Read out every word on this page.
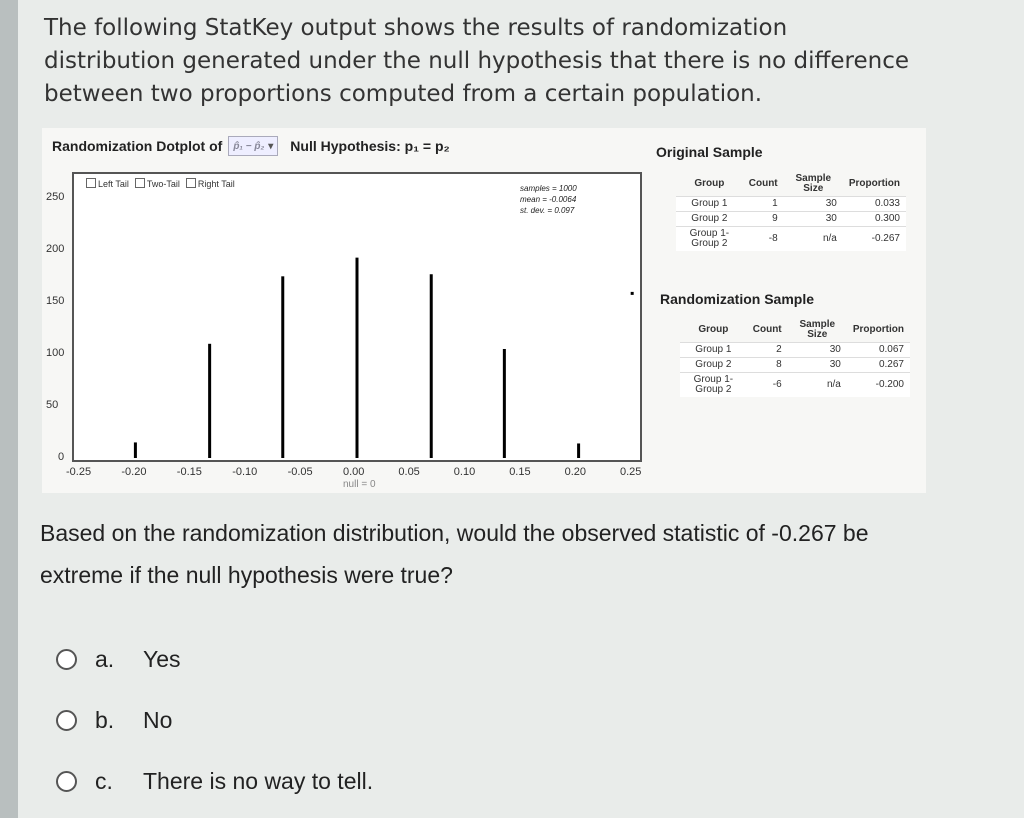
The following StatKey output shows the results of randomization distribution generated under the null hypothesis that there is no difference between two proportions computed from a certain population.
Randomization Dotplot of p̂₁ − p̂₂ ▾ Null Hypothesis: p₁ = p₂
Left Tail	Two-Tail	Right Tail	samples = 1000
mean = -0.0064
st. dev. = 0.097
0
50
100
150
200
250
-0.25	-0.20	-0.15	-0.10	-0.05	0.00	0.05	0.10	0.15	0.20	0.25
null = 0
Original Sample
Group	Count	Sample Size	Proportion
Group 1	1	30	0.033
Group 2	9	30	0.300
Group 1- Group 2	-8	n/a	-0.267
Randomization Sample
Group	Count	Sample Size	Proportion
Group 1	2	30	0.067
Group 2	8	30	0.267
Group 1- Group 2	-6	n/a	-0.200
Based on the randomization distribution, would the observed statistic of -0.267 be extreme if the null hypothesis were true?
a.	Yes
b.	No
c.	There is no way to tell.
